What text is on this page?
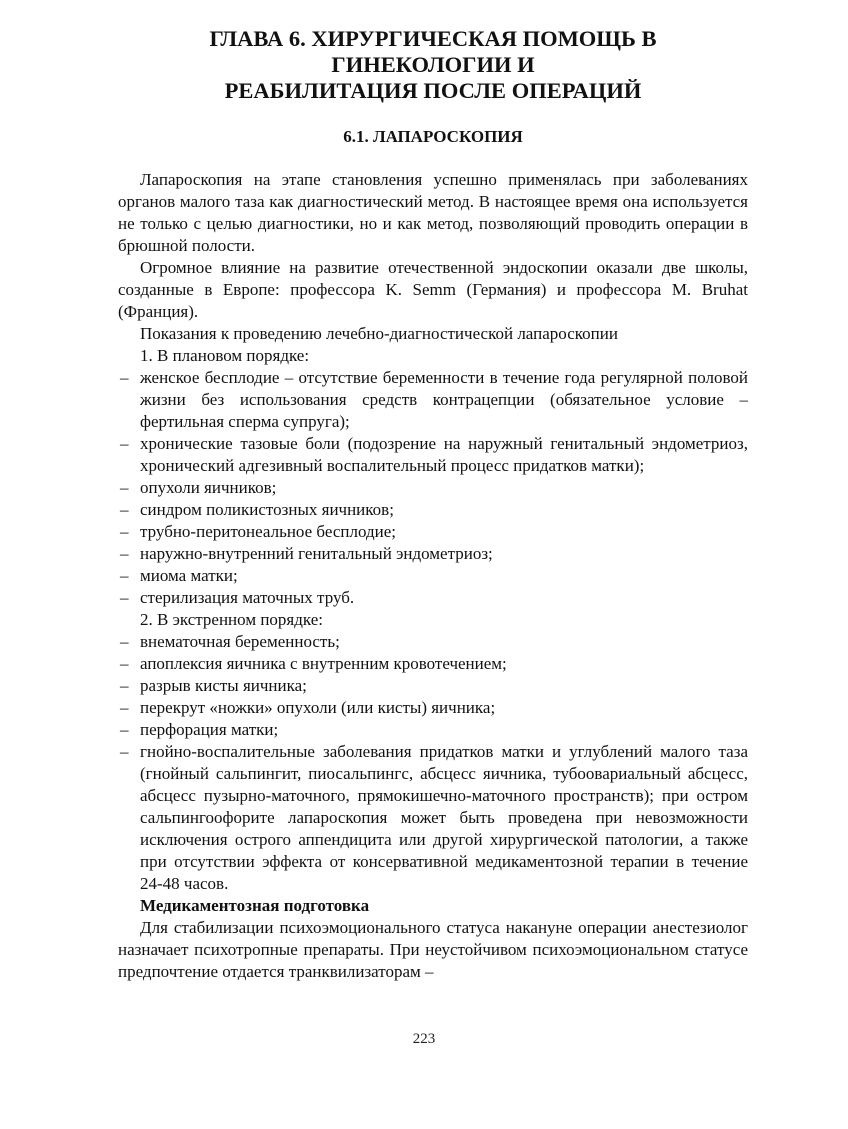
ГЛАВА 6. ХИРУРГИЧЕСКАЯ ПОМОЩЬ В ГИНЕКОЛОГИИ И
РЕАБИЛИТАЦИЯ ПОСЛЕ ОПЕРАЦИЙ
6.1. ЛАПАРОСКОПИЯ

Лапароскопия на этапе становления успешно применялась при заболеваниях органов малого таза как диагностический метод. В настоящее время она используется не только с целью диагностики, но и как метод, позволяющий проводить операции в брюшной полости.

Огромное влияние на развитие отечественной эндоскопии оказали две школы, созданные в Европе: профессора K. Semm (Германия) и профессора M. Bruhat (Франция).

Показания к проведению лечебно-диагностической лапароскопии

1. В плановом порядке:

– женское бесплодие – отсутствие беременности в течение года регулярной половой жизни без использования средств контрацепции (обязательное условие – фертильная сперма супруга);
– хронические тазовые боли (подозрение на наружный генитальный эндометриоз, хронический адгезивный воспалительный процесс придатков матки);
– опухоли яичников;
– синдром поликистозных яичников;
– трубно-перитонеальное бесплодие;
– наружно-внутренний генитальный эндометриоз;
– миома матки;
– стерилизация маточных труб.

2. В экстренном порядке:

– внематочная беременность;
– апоплексия яичника с внутренним кровотечением;
– разрыв кисты яичника;
– перекрут «ножки» опухоли (или кисты) яичника;
– перфорация матки;
– гнойно-воспалительные заболевания придатков матки и углублений малого таза (гнойный сальпингит, пиосальпингс, абсцесс яичника, тубоовариальный абсцесс, абсцесс пузырно-маточного, прямокишечно-маточного пространств); при остром сальпингоофорите лапароскопия может быть проведена при невозможности исключения острого аппендицита или другой хирургической патологии, а также при отсутствии эффекта от консервативной медикаментозной терапии в течение 24-48 часов.

Медикаментозная подготовка

Для стабилизации психоэмоционального статуса накануне операции анестезиолог назначает психотропные препараты. При неустойчивом психоэмоциональном статусе предпочтение отдается транквилизаторам –

223
